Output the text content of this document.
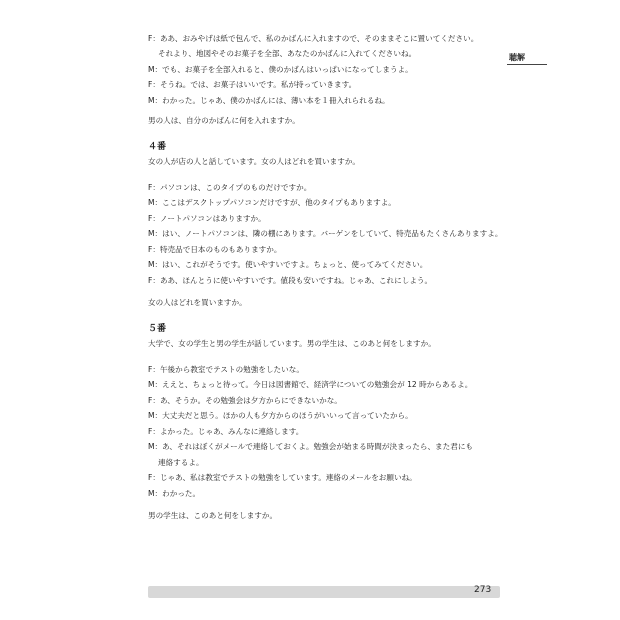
聴解
F：ああ、おみやげは紙で包んで、私のかばんに入れますので、そのままそこに置いてください。
それより、地図やそのお菓子を全部、あなたのかばんに入れてくださいね。
M：でも、お菓子を全部入れると、僕のかばんはいっぱいになってしまうよ。
F：そうね。では、お菓子はいいです。私が持っていきます。
M：わかった。じゃあ、僕のかばんには、薄い本を１冊入れられるね。
男の人は、自分のかばんに何を入れますか。
４番
女の人が店の人と話しています。女の人はどれを買いますか。
F：パソコンは、このタイプのものだけですか。
M：ここはデスクトップパソコンだけですが、他のタイプもありますよ。
F：ノートパソコンはありますか。
M：はい、ノートパソコンは、隣の棚にあります。バーゲンをしていて、特売品もたくさんありますよ。
F：特売品で日本のものもありますか。
M：はい、これがそうです。使いやすいですよ。ちょっと、使ってみてください。
F：ああ、ほんとうに使いやすいです。値段も安いですね。じゃあ、これにしよう。
女の人はどれを買いますか。
５番
大学で、女の学生と男の学生が話しています。男の学生は、このあと何をしますか。
F：午後から教室でテストの勉強をしたいな。
M：ええと、ちょっと待って。今日は図書館で、経済学についての勉強会が 12 時からあるよ。
F：あ、そうか。その勉強会は夕方からにできないかな。
M：大丈夫だと思う。ほかの人も夕方からのほうがいいって言っていたから。
F：よかった。じゃあ、みんなに連絡します。
M：あ、それはぼくがメールで連絡しておくよ。勉強会が始まる時間が決まったら、また君にも
連絡するよ。
F：じゃあ、私は教室でテストの勉強をしています。連絡のメールをお願いね。
M：わかった。
男の学生は、このあと何をしますか。
273
